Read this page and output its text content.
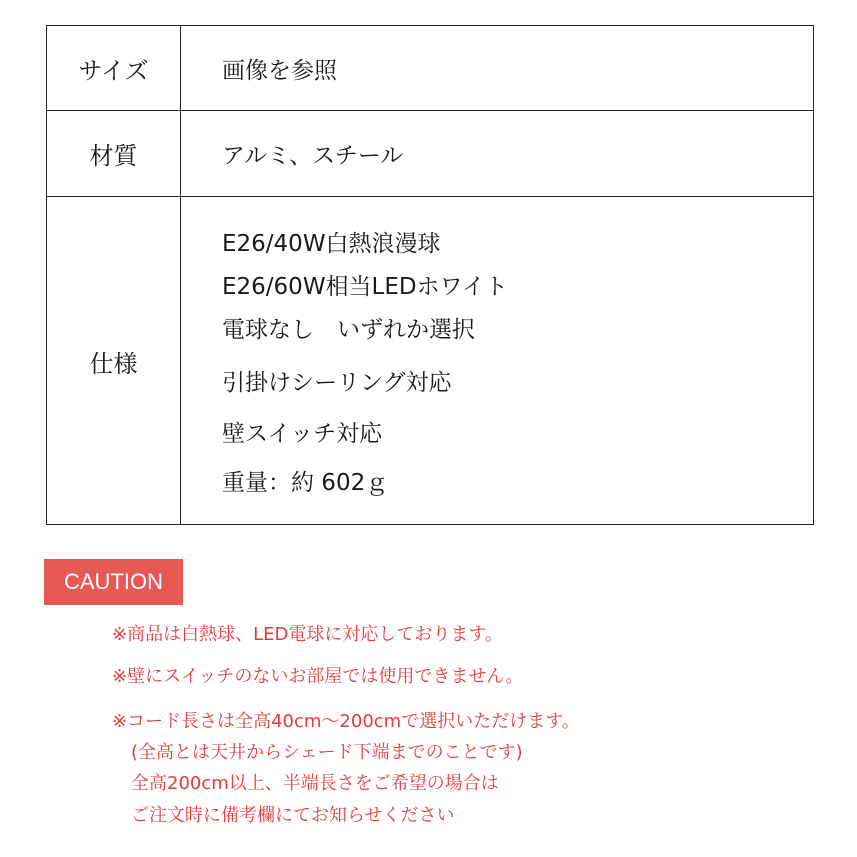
サイズ	画像を参照
材質	アルミ、スチール
仕様
E26/40W白熱浪漫球
E26/60W相当LEDホワイト
電球なし　いずれか選択
引掛けシーリング対応
壁スイッチ対応
重量：約 602ｇ
CAUTION
※商品は白熱球、LED電球に対応しております。
※壁にスイッチのないお部屋では使用できません。
※コード長さは全高40cm～200cmで選択いただけます。
(全高とは天井からシェード下端までのことです)
全高200cm以上、半端長さをご希望の場合は
ご注文時に備考欄にてお知らせください
